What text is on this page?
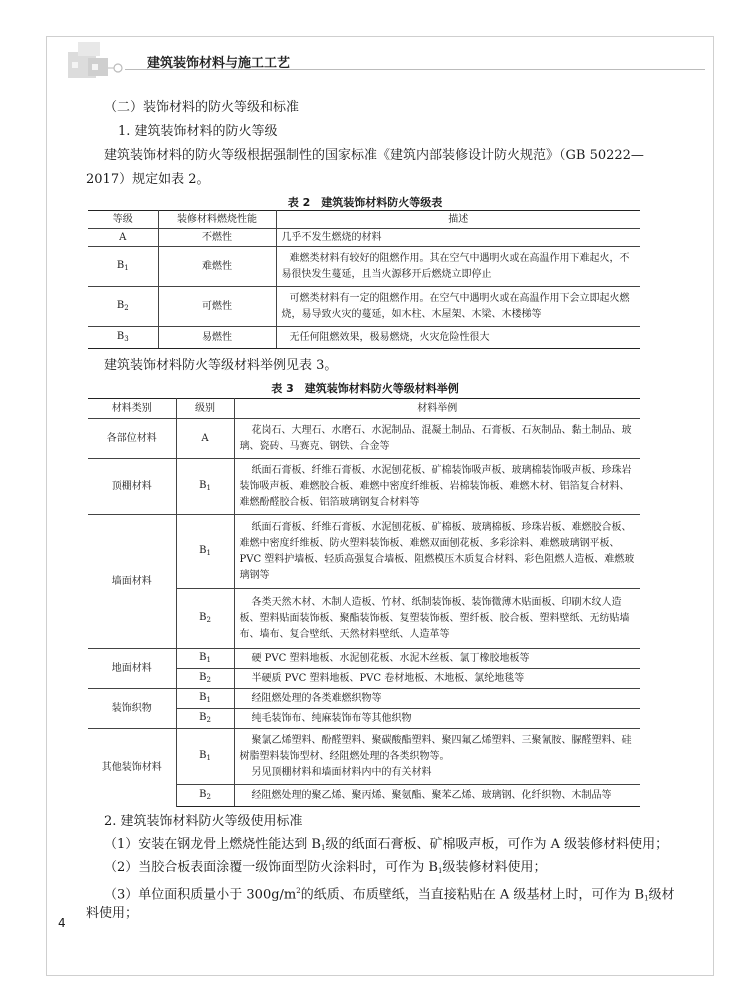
建筑装饰材料与施工工艺
（二）装饰材料的防火等级和标准
1. 建筑装饰材料的防火等级
建筑装饰材料的防火等级根据强制性的国家标准《建筑内部装修设计防火规范》（GB 50222—
2017）规定如表 2。
表 2　建筑装饰材料防火等级表
等级	装修材料燃烧性能	描述
A	不燃性	几乎不发生燃烧的材料
$B_1$	难燃性	难燃类材料有较好的阻燃作用。其在空气中遇明火或在高温作用下难起火，不
易很快发生蔓延，且当火源移开后燃烧立即停止

$B_2$	可燃性	可燃类材料有一定的阻燃作用。在空气中遇明火或在高温作用下会立即起火燃
烧，易导致火灾的蔓延，如木柱、木屋架、木梁、木楼梯等

$B_3$	易燃性	无任何阻燃效果，极易燃烧，火灾危险性很大
建筑装饰材料防火等级材料举例见表 3。
表 3　建筑装饰材料防火等级材料举例
材料类别	级别	材料举例
各部位材料	A	花岗石、大理石、水磨石、水泥制品、混凝土制品、石膏板、石灰制品、黏土制品、玻
璃、瓷砖、马赛克、钢铁、合金等

顶棚材料	$B_1$	纸面石膏板、纤维石膏板、水泥刨花板、矿棉装饰吸声板、玻璃棉装饰吸声板、珍珠岩
装饰吸声板、难燃胶合板、难燃中密度纤维板、岩棉装饰板、难燃木材、铝箔复合材料、
难燃酚醛胶合板、铝箔玻璃钢复合材料等

墙面材料	$B_1$	纸面石膏板、纤维石膏板、水泥刨花板、矿棉板、玻璃棉板、珍珠岩板、难燃胶合板、
难燃中密度纤维板、防火塑料装饰板、难燃双面刨花板、多彩涂料、难燃玻璃钢平板、
PVC 塑料护墙板、轻质高强复合墙板、阻燃模压木质复合材料、彩色阻燃人造板、难燃玻
璃钢等

	$B_2$	各类天然木材、木制人造板、竹材、纸制装饰板、装饰微薄木贴面板、印刷木纹人造
板、塑料贴面装饰板、聚酯装饰板、复塑装饰板、塑纤板、胶合板、塑料壁纸、无纺贴墙
布、墙布、复合壁纸、天然材料壁纸、人造革等

地面材料	$B_1$	硬 PVC 塑料地板、水泥刨花板、水泥木丝板、氯丁橡胶地板等
	$B_2$	半硬质 PVC 塑料地板、PVC 卷材地板、木地板、氯纶地毯等
装饰织物	$B_1$	经阻燃处理的各类难燃织物等
	$B_2$	纯毛装饰布、纯麻装饰布等其他织物
其他装饰材料	$B_1$	聚氯乙烯塑料、酚醛塑料、聚碳酸酯塑料、聚四氟乙烯塑料、三聚氰胺、脲醛塑料、硅
树脂塑料装饰型材、经阻燃处理的各类织物等。
另见顶棚材料和墙面材料内中的有关材料

	$B_2$	经阻燃处理的聚乙烯、聚丙烯、聚氨酯、聚苯乙烯、玻璃钢、化纤织物、木制品等
2. 建筑装饰材料防火等级使用标准
（1）安装在钢龙骨上燃烧性能达到 $B_1$级的纸面石膏板、矿棉吸声板，可作为 A 级装修材料使用；
（2）当胶合板表面涂覆一级饰面型防火涂料时，可作为 $B_1$级装修材料使用；
（3）单位面积质量小于 $300g/m^2$的纸质、布质壁纸，当直接粘贴在 A 级基材上时，可作为 $B_1$级材
料使用；
4
